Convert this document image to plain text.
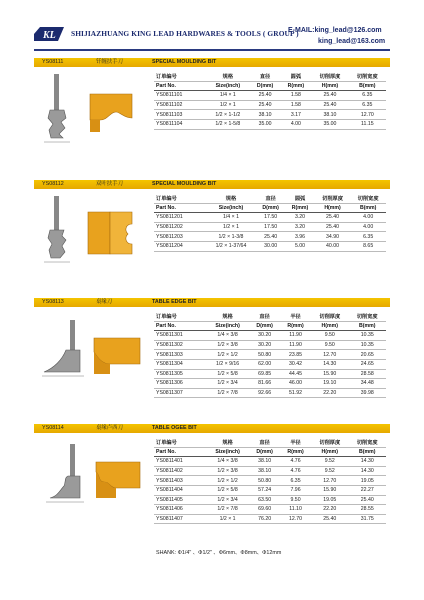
KL SHIJIAZHUANG KING LEAD HARDWARES & TOOLS ( GROUP )
E-MAIL:king_lead@126.com
king_lead@163.com
YS08111	钎缠扶手刀	SPECIAL MOULDING BIT
订单编号	规格	直径	圆弧	切削厚度	切削宽度
Part No.	Size(inch)	D(mm)	R(mm)	H(mm)	B(mm)
YS0811101	1/4 × 1	25.40	1.58	25.40	6.35
YS0811102	1/2 × 1	25.40	1.58	25.40	6.35
YS0811103	1/2 × 1-1/2	38.10	3.17	38.10	12.70
YS0811104	1/2 × 1-5/8	35.00	4.00	35.00	11.15
YS08112	双叶扶手刀	SPECIAL MOULDING BIT
订单编号	规格	直径	圆弧	切削厚度	切削宽度
Part No.	Size(inch)	D(mm)	R(mm)	H(mm)	B(mm)
YS0811201	1/4 × 1	17.50	3.20	25.40	4.00
YS0811202	1/2 × 1	17.50	3.20	25.40	4.00
YS0811203	1/2 × 1-3/8	25.40	3.96	34.90	6.35
YS0811204	1/2 × 1-37/64	30.00	5.00	40.00	8.65
YS08113	桌缘刀	TABLE EDGE BIT
订单编号	规格	直径	半径	切削厚度	切削宽度
Part No.	Size(inch)	D(mm)	R(mm)	H(mm)	B(mm)
YS0811301	1/4 × 3/8	30.20	11.90	9.50	10.35
YS0811302	1/2 × 3/8	30.20	11.90	9.50	10.35
YS0811303	1/2 × 1/2	50.80	23.85	12.70	20.65
YS0811304	1/2 × 9/16	62.00	30.42	14.30	24.65
YS0811305	1/2 × 5/8	69.85	44.45	15.90	28.58
YS0811306	1/2 × 3/4	81.66	46.00	19.10	34.48
YS0811307	1/2 × 7/8	92.66	51.92	22.20	39.98
YS08114	桌缘卢西刀	TABLE OGEE BIT
订单编号	规格	直径	半径	切削厚度	切削宽度
Part No.	Size(inch)	D(mm)	R(mm)	H(mm)	B(mm)
YS0811401	1/4 × 3/8	38.10	4.76	9.52	14.30
YS0811402	1/2 × 3/8	38.10	4.76	9.52	14.30
YS0811403	1/2 × 1/2	50.80	6.35	12.70	19.05
YS0811404	1/2 × 5/8	57.24	7.96	15.90	22.27
YS0811405	1/2 × 3/4	63.50	9.50	19.05	25.40
YS0811406	1/2 × 7/8	69.60	11.10	22.20	28.55
YS0811407	1/2 × 1	76.20	12.70	25.40	31.75
SHANK: Φ1/4" 、Φ1/2" 、Φ6mm、Φ8mm、Φ12mm
